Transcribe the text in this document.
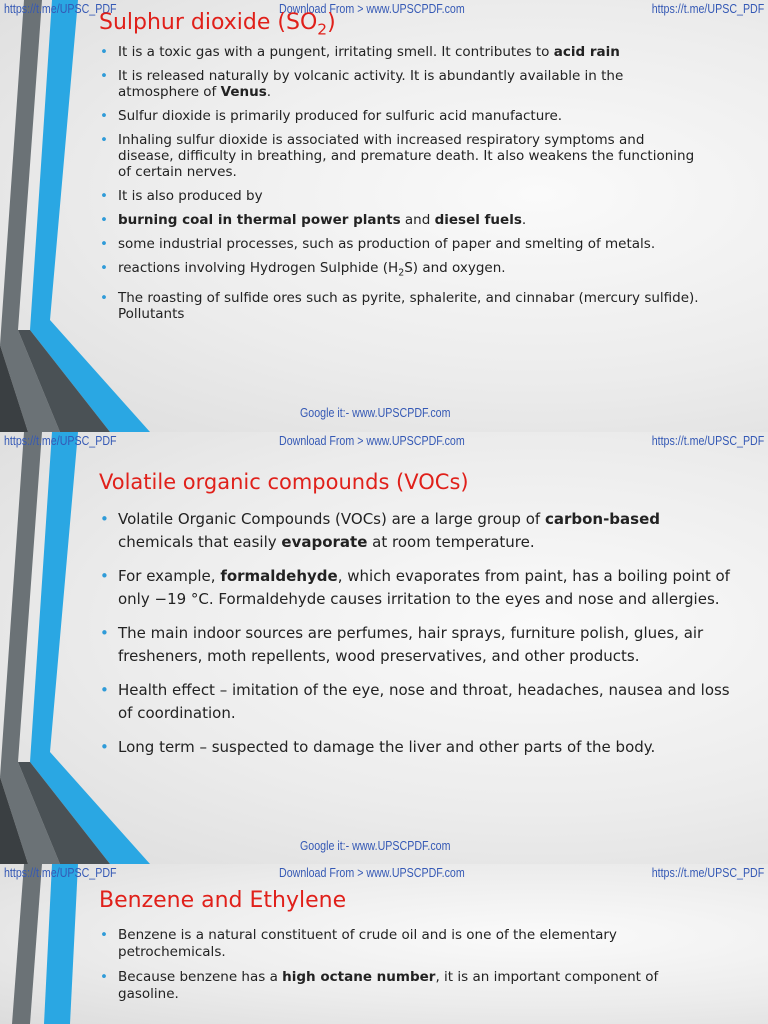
https://t.me/UPSC_PDF	Download From > www.UPSCPDF.com	https://t.me/UPSC_PDF
Sulphur dioxide $(SO_2)$
• It is a toxic gas with a pungent, irritating smell. It contributes to acid rain
• It is released naturally by volcanic activity. It is abundantly available in the atmosphere of Venus.
• Sulfur dioxide is primarily produced for sulfuric acid manufacture.
• Inhaling sulfur dioxide is associated with increased respiratory symptoms and disease, difficulty in breathing, and premature death. It also weakens the functioning of certain nerves.
• It is also produced by
• burning coal in thermal power plants and diesel fuels.
• some industrial processes, such as production of paper and smelting of metals.
• reactions involving Hydrogen Sulphide $(H_2S)$ and oxygen.
• The roasting of sulfide ores such as pyrite, sphalerite, and cinnabar (mercury sulfide). Pollutants
Google it:- www.UPSCPDF.com
https://t.me/UPSC_PDF	Download From > www.UPSCPDF.com	https://t.me/UPSC_PDF
Volatile organic compounds (VOCs)
• Volatile Organic Compounds (VOCs) are a large group of carbon-based chemicals that easily evaporate at room temperature.
• For example, formaldehyde, which evaporates from paint, has a boiling point of only −19 °C. Formaldehyde causes irritation to the eyes and nose and allergies.
• The main indoor sources are perfumes, hair sprays, furniture polish, glues, air fresheners, moth repellents, wood preservatives, and other products.
• Health effect – imitation of the eye, nose and throat, headaches, nausea and loss of coordination.
• Long term – suspected to damage the liver and other parts of the body.
Google it:- www.UPSCPDF.com
https://t.me/UPSC_PDF	Download From > www.UPSCPDF.com	https://t.me/UPSC_PDF
Benzene and Ethylene
• Benzene is a natural constituent of crude oil and is one of the elementary petrochemicals.
• Because benzene has a high octane number, it is an important component of gasoline.
